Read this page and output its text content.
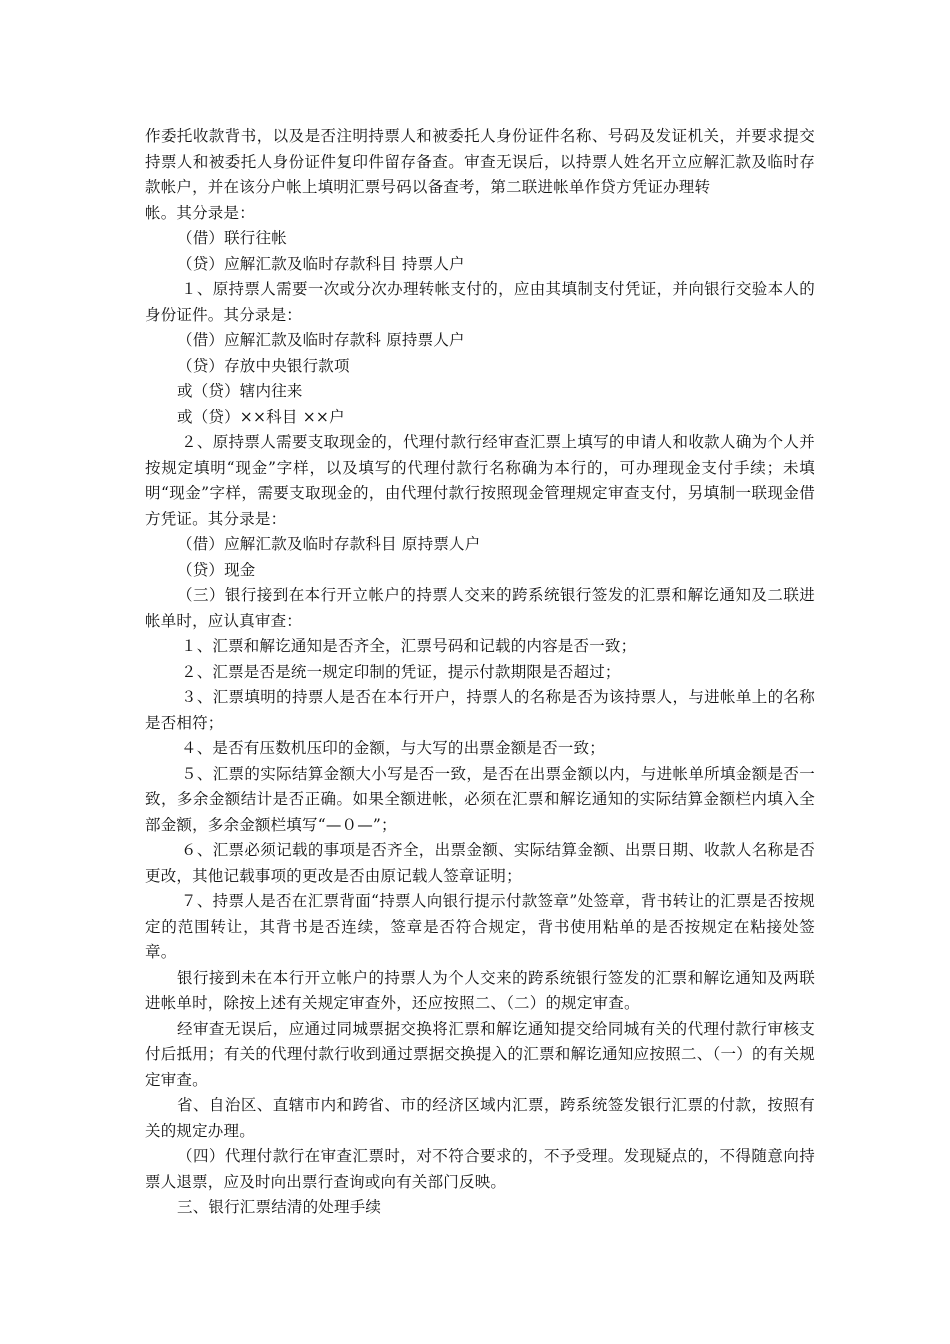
作委托收款背书，以及是否注明持票人和被委托人身份证件名称、号码及发证机关，并要求提交持票人和被委托人身份证件复印件留存备查。审查无误后，以持票人姓名开立应解汇款及临时存款帐户，并在该分户帐上填明汇票号码以备查考，第二联进帐单作贷方凭证办理转

帐。其分录是：

（借）联行往帐

（贷）应解汇款及临时存款科目 持票人户

１、原持票人需要一次或分次办理转帐支付的，应由其填制支付凭证，并向银行交验本人的身份证件。其分录是：

（借）应解汇款及临时存款科 原持票人户

（贷）存放中央银行款项

或（贷）辖内往来

或（贷）××科目 ××户

２、原持票人需要支取现金的，代理付款行经审查汇票上填写的申请人和收款人确为个人并按规定填明“现金”字样，以及填写的代理付款行名称确为本行的，可办理现金支付手续；未填明“现金”字样，需要支取现金的，由代理付款行按照现金管理规定审查支付，另填制一联现金借方凭证。其分录是：

（借）应解汇款及临时存款科目 原持票人户

（贷）现金

（三）银行接到在本行开立帐户的持票人交来的跨系统银行签发的汇票和解讫通知及二联进帐单时，应认真审查：

１、汇票和解讫通知是否齐全，汇票号码和记载的内容是否一致；

２、汇票是否是统一规定印制的凭证，提示付款期限是否超过；

３、汇票填明的持票人是否在本行开户，持票人的名称是否为该持票人，与进帐单上的名称是否相符；

４、是否有压数机压印的金额，与大写的出票金额是否一致；

５、汇票的实际结算金额大小写是否一致，是否在出票金额以内，与进帐单所填金额是否一致，多余金额结计是否正确。如果全额进帐，必须在汇票和解讫通知的实际结算金额栏内填入全部金额，多余金额栏填写“—０—”；

６、汇票必须记载的事项是否齐全，出票金额、实际结算金额、出票日期、收款人名称是否更改，其他记载事项的更改是否由原记载人签章证明；

７、持票人是否在汇票背面“持票人向银行提示付款签章”处签章，背书转让的汇票是否按规定的范围转让，其背书是否连续，签章是否符合规定，背书使用粘单的是否按规定在粘接处签章。

银行接到未在本行开立帐户的持票人为个人交来的跨系统银行签发的汇票和解讫通知及两联进帐单时，除按上述有关规定审查外，还应按照二、（二）的规定审查。

经审查无误后，应通过同城票据交换将汇票和解讫通知提交给同城有关的代理付款行审核支付后抵用；有关的代理付款行收到通过票据交换提入的汇票和解讫通知应按照二、（一）的有关规定审查。

省、自治区、直辖市内和跨省、市的经济区域内汇票，跨系统签发银行汇票的付款，按照有关的规定办理。

（四）代理付款行在审查汇票时，对不符合要求的，不予受理。发现疑点的，不得随意向持票人退票，应及时向出票行查询或向有关部门反映。

三、银行汇票结清的处理手续
